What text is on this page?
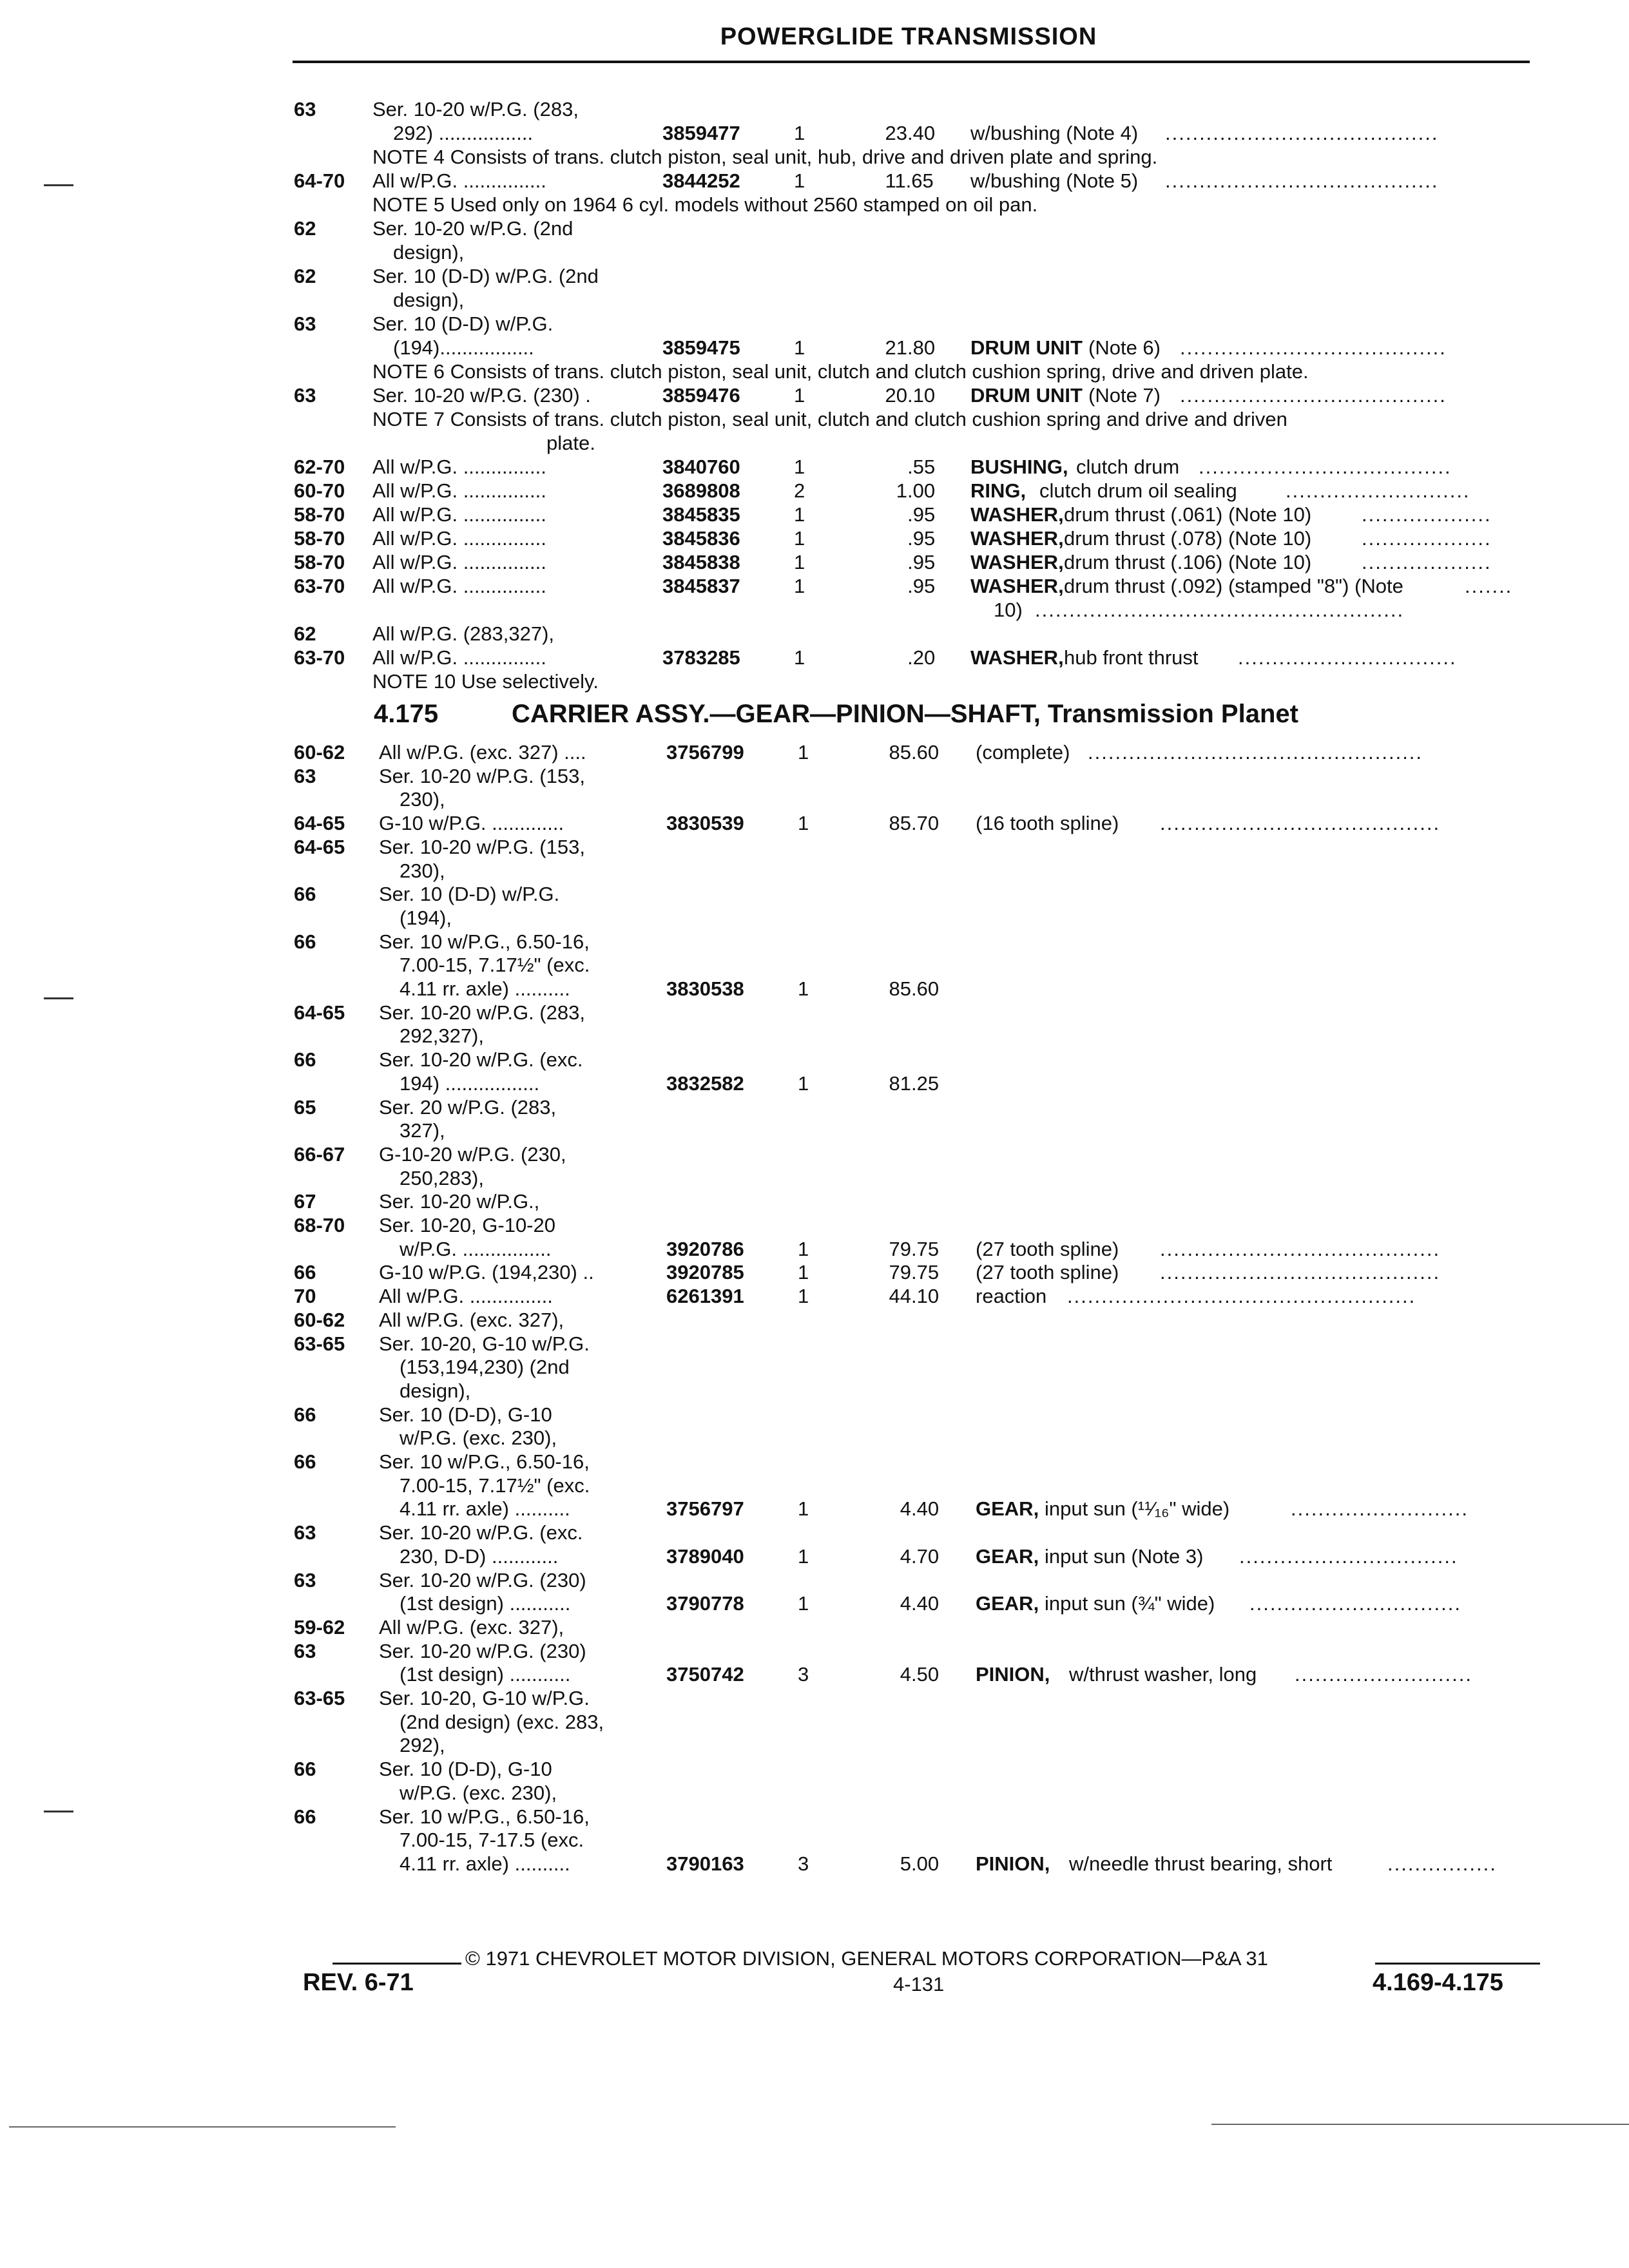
POWERGLIDE TRANSMISSION
63	Ser. 10-20 w/P.G. (283,
292) .................	3859477	1	23.40 w/bushing (Note 4) ........................................
NOTE 4 Consists of trans. clutch piston, seal unit, hub, drive and driven plate and spring.
64-70 All w/P.G. ...............	3844252	1	11.65 w/bushing (Note 5) ........................................
NOTE 5 Used only on 1964 6 cyl. models without 2560 stamped on oil pan.
62	Ser. 10-20 w/P.G. (2nd
design),
62	Ser. 10 (D-D) w/P.G. (2nd
design),
63	Ser. 10 (D-D) w/P.G.
(194).................	3859475	1	21.80 DRUM UNIT (Note 6) .......................................
NOTE 6 Consists of trans. clutch piston, seal unit, clutch and clutch cushion spring, drive and driven plate.
63	Ser. 10-20 w/P.G. (230) .	3859476	1	20.10 DRUM UNIT (Note 7) .......................................
NOTE 7 Consists of trans. clutch piston, seal unit, clutch and clutch cushion spring and drive and driven
plate.
62-70 All w/P.G. ...............	3840760	1	.55 BUSHING, clutch drum .....................................
60-70 All w/P.G. ...............	3689808	2	1.00 RING, clutch drum oil sealing ...........................
58-70 All w/P.G. ...............	3845835	1	.95 WASHER, drum thrust (.061) (Note 10)	...................
58-70 All w/P.G. ...............	3845836	1	.95 WASHER, drum thrust (.078) (Note 10)	...................
58-70 All w/P.G. ...............	3845838	1	.95 WASHER, drum thrust (.106) (Note 10)	...................
63-70 All w/P.G. ...............	3845837	1	.95 WASHER, drum thrust (.092) (stamped "8") (Note	.......
10) ......................................................
62	All w/P.G. (283,327),
63-70 All w/P.G. ...............	3783285	1	.20 WASHER, hub front thrust ................................
NOTE 10 Use selectively.
4.175	CARRIER ASSY.—GEAR—PINION—SHAFT, Transmission Planet
60-62 All w/P.G. (exc. 327) ....	3756799	1	85.60 (complete) .................................................
63	Ser. 10-20 w/P.G. (153,
230),
64-65 G-10 w/P.G. .............	3830539	1	85.70 (16 tooth spline) .........................................
64-65 Ser. 10-20 w/P.G. (153,
230),
66	Ser. 10 (D-D) w/P.G.
(194),
66	Ser. 10 w/P.G., 6.50-16,
7.00-15, 7.17½" (exc.
4.11 rr. axle) ..........	3830538	1	85.60
64-65 Ser. 10-20 w/P.G. (283,
292,327),
66	Ser. 10-20 w/P.G. (exc.
194) .................	3832582	1	81.25
65	Ser. 20 w/P.G. (283,
327),
66-67 G-10-20 w/P.G. (230,
250,283),
67	Ser. 10-20 w/P.G.,
68-70 Ser. 10-20, G-10-20
w/P.G. ................	3920786	1	79.75 (27 tooth spline) .........................................
66	G-10 w/P.G. (194,230) ..	3920785	1	79.75 (27 tooth spline) .........................................
70	All w/P.G. ...............	6261391	1	44.10 reaction ...................................................
60-62 All w/P.G. (exc. 327),
63-65 Ser. 10-20, G-10 w/P.G.
(153,194,230) (2nd
design),
66	Ser. 10 (D-D), G-10
w/P.G. (exc. 230),
66	Ser. 10 w/P.G., 6.50-16,
7.00-15, 7.17½" (exc.
4.11 rr. axle) ..........	3756797	1	4.40 GEAR, input sun (¹¹⁄₁₆" wide)	..........................
63	Ser. 10-20 w/P.G. (exc.
230, D-D) ............	3789040	1	4.70 GEAR, input sun (Note 3) ................................
63	Ser. 10-20 w/P.G. (230)
(1st design) ...........	3790778	1	4.40 GEAR, input sun (¾" wide) ...............................
59-62 All w/P.G. (exc. 327),
63	Ser. 10-20 w/P.G. (230)
(1st design) ...........	3750742	3	4.50 PINION, w/thrust washer, long ..........................
63-65 Ser. 10-20, G-10 w/P.G.
(2nd design) (exc. 283,
292),
66	Ser. 10 (D-D), G-10
w/P.G. (exc. 230),
66	Ser. 10 w/P.G., 6.50-16,
7.00-15, 7-17.5 (exc.
4.11 rr. axle) ..........	3790163	3	5.00 PINION, w/needle thrust bearing, short	................
© 1971 CHEVROLET MOTOR DIVISION, GENERAL MOTORS CORPORATION—P&A 31
REV. 6-71	4-131	4.169-4.175
